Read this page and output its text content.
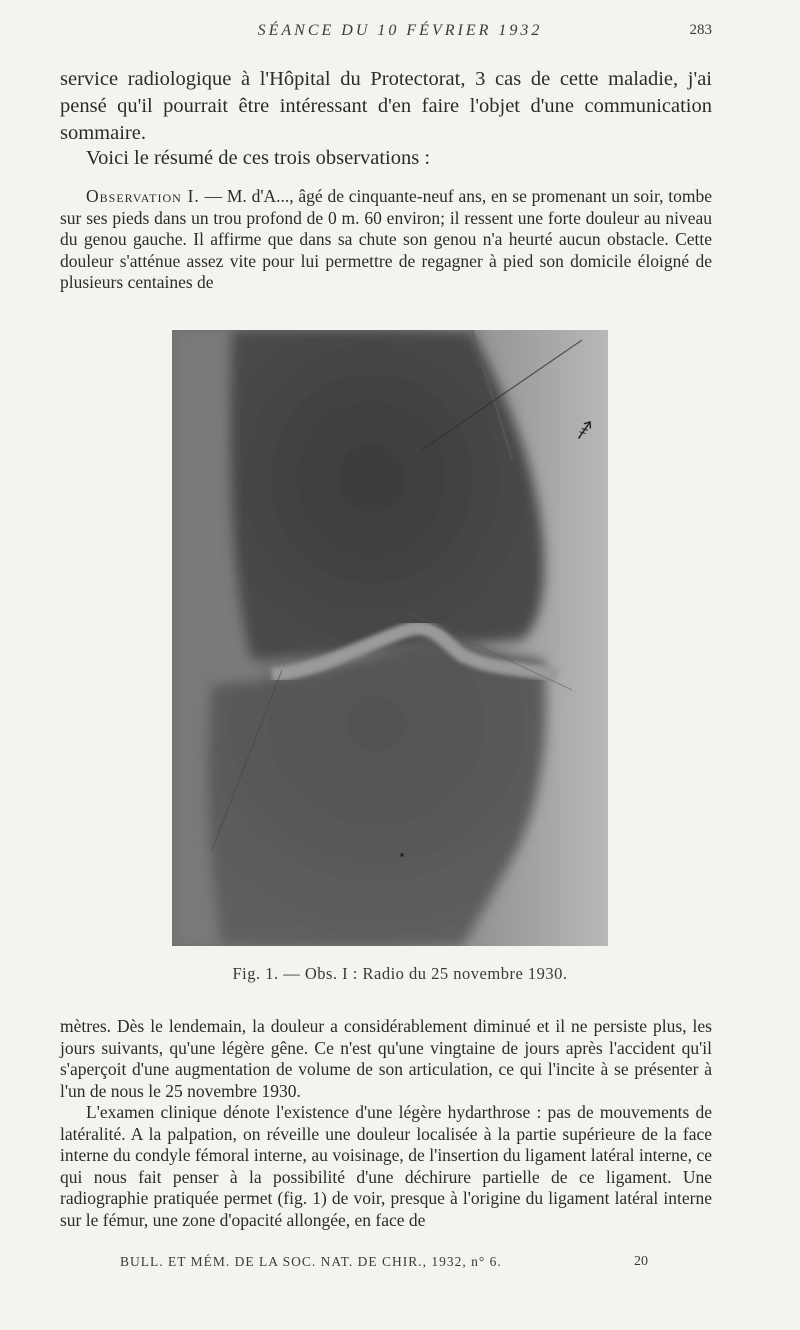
SÉANCE DU 10 FÉVRIER 1932	283

service radiologique à l'Hôpital du Protectorat, 3 cas de cette maladie, j'ai pensé qu'il pourrait être intéressant d'en faire l'objet d'une communication sommaire.

Voici le résumé de ces trois observations :

Observation I. — M. d'A..., âgé de cinquante-neuf ans, en se promenant un soir, tombe sur ses pieds dans un trou profond de 0 m. 60 environ; il ressent une forte douleur au niveau du genou gauche. Il affirme que dans sa chute son genou n'a heurté aucun obstacle. Cette douleur s'atténue assez vite pour lui permettre de regagner à pied son domicile éloigné de plusieurs centaines de

Fig. 1. — Obs. I : Radio du 25 novembre 1930.

mètres. Dès le lendemain, la douleur a considérablement diminué et il ne persiste plus, les jours suivants, qu'une légère gêne. Ce n'est qu'une vingtaine de jours après l'accident qu'il s'aperçoit d'une augmentation de volume de son articulation, ce qui l'incite à se présenter à l'un de nous le 25 novembre 1930.

L'examen clinique dénote l'existence d'une légère hydarthrose : pas de mouvements de latéralité. A la palpation, on réveille une douleur localisée à la partie supérieure de la face interne du condyle fémoral interne, au voisinage, de l'insertion du ligament latéral interne, ce qui nous fait penser à la possibilité d'une déchirure partielle de ce ligament. Une radiographie pratiquée permet (fig. 1) de voir, presque à l'origine du ligament latéral interne sur le fémur, une zone d'opacité allongée, en face de

BULL. ET MÉM. DE LA SOC. NAT. DE CHIR., 1932, n° 6.	20
